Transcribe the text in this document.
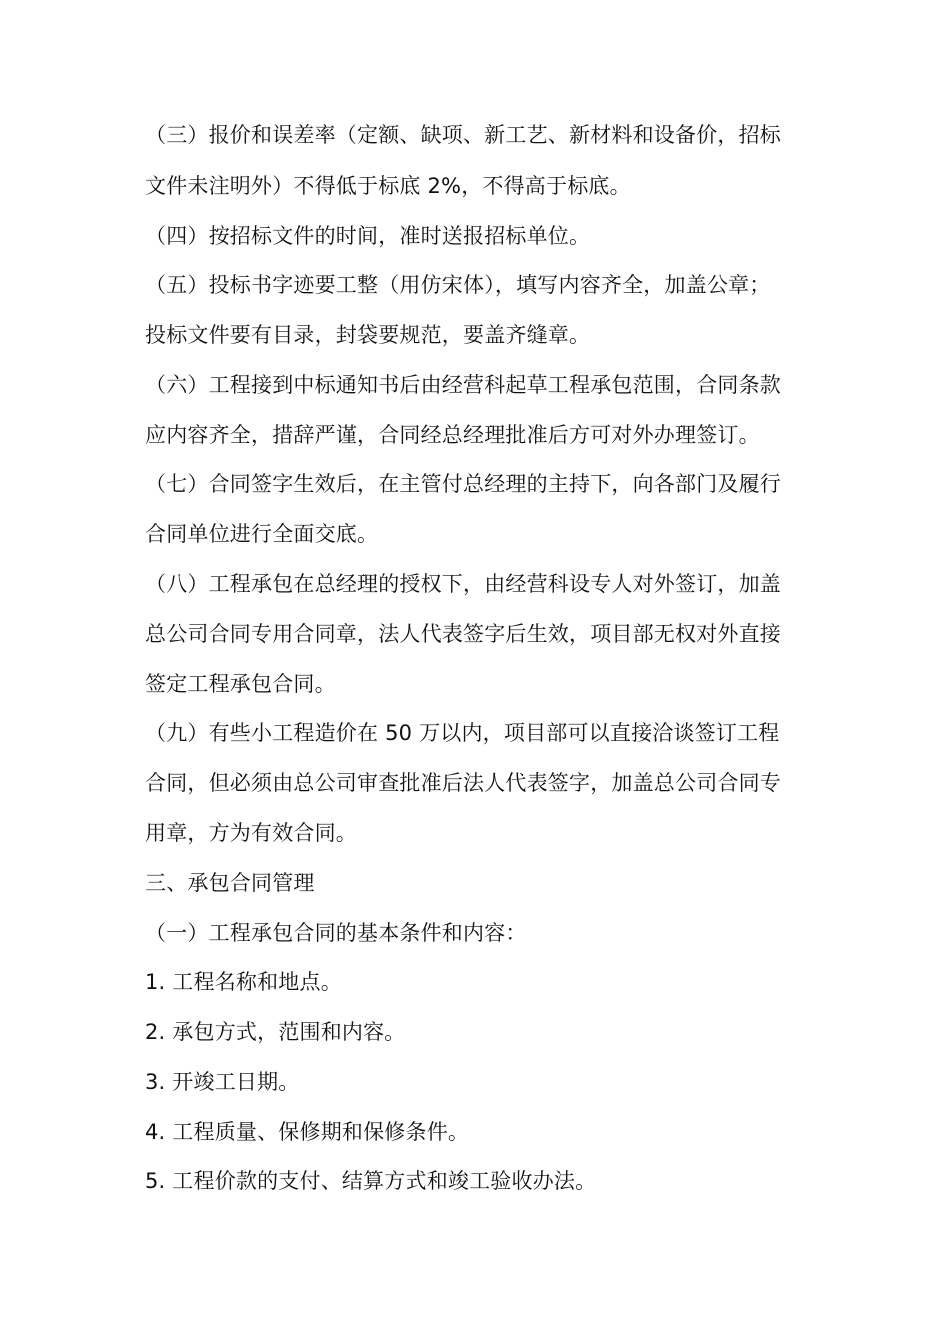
（三）报价和误差率（定额、缺项、新工艺、新材料和设备价，招标
文件未注明外）不得低于标底 2%，不得高于标底。
（四）按招标文件的时间，准时送报招标单位。
（五）投标书字迹要工整（用仿宋体），填写内容齐全，加盖公章；
投标文件要有目录，封袋要规范，要盖齐缝章。
（六）工程接到中标通知书后由经营科起草工程承包范围，合同条款
应内容齐全，措辞严谨，合同经总经理批准后方可对外办理签订。
（七）合同签字生效后，在主管付总经理的主持下，向各部门及履行
合同单位进行全面交底。
（八）工程承包在总经理的授权下，由经营科设专人对外签订，加盖
总公司合同专用合同章，法人代表签字后生效，项目部无权对外直接
签定工程承包合同。
（九）有些小工程造价在 50 万以内，项目部可以直接洽谈签订工程
合同，但必须由总公司审查批准后法人代表签字，加盖总公司合同专
用章，方为有效合同。
三、承包合同管理
（一）工程承包合同的基本条件和内容：
1. 工程名称和地点。
2. 承包方式，范围和内容。
3. 开竣工日期。
4. 工程质量、保修期和保修条件。
5. 工程价款的支付、结算方式和竣工验收办法。
